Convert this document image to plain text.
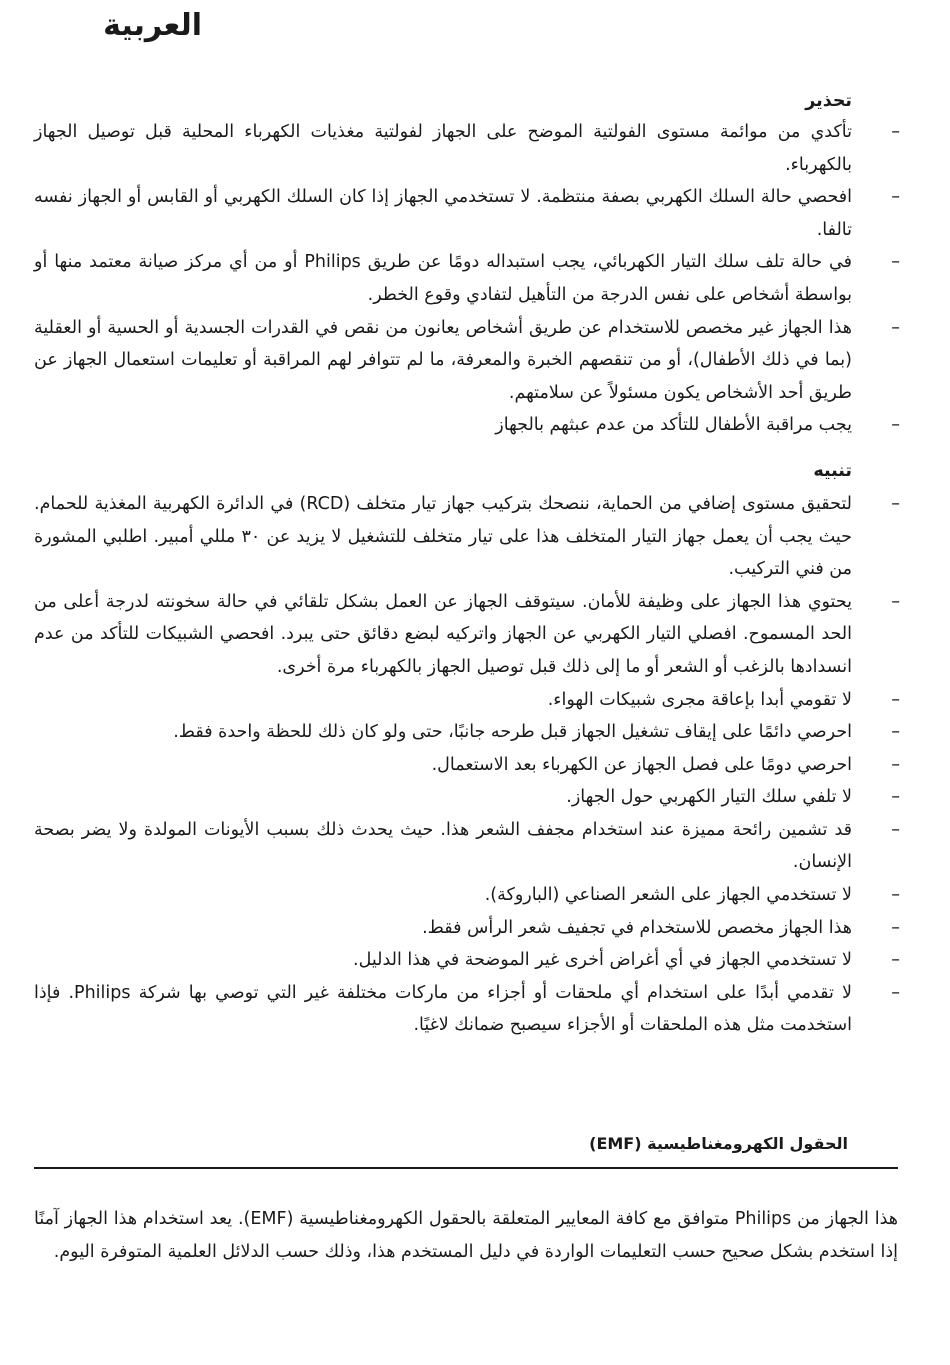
العربية
تحذير
–
تأكدي من موائمة مستوى الفولتية الموضح على الجهاز لفولتية مغذيات الكهرباء المحلية قبل توصيل الجهاز بالكهرباء.
–
افحصي حالة السلك الكهربي بصفة منتظمة. لا تستخدمي الجهاز إذا كان السلك الكهربي أو القابس أو الجهاز نفسه تالفا.
–
في حالة تلف سلك التيار الكهربائي، يجب استبداله دومًا عن طريق Philips أو من أي مركز صيانة معتمد منها أو بواسطة أشخاص على نفس الدرجة من التأهيل لتفادي وقوع الخطر.
–
هذا الجهاز غير مخصص للاستخدام عن طريق أشخاص يعانون من نقص في القدرات الجسدية أو الحسية أو العقلية (بما في ذلك الأطفال)، أو من تنقصهم الخبرة والمعرفة، ما لم تتوافر لهم المراقبة أو تعليمات استعمال الجهاز عن طريق أحد الأشخاص يكون مسئولاً عن سلامتهم.
–
يجب مراقبة الأطفال للتأكد من عدم عبثهم بالجهاز
تنبيه
–
لتحقيق مستوى إضافي من الحماية، ننصحك بتركيب جهاز تيار متخلف (RCD) في الدائرة الكهربية المغذية للحمام. حيث يجب أن يعمل جهاز التيار المتخلف هذا على تيار متخلف للتشغيل لا يزيد عن ٣٠ مللي أمبير. اطلبي المشورة من فني التركيب.
–
يحتوي هذا الجهاز على وظيفة للأمان. سيتوقف الجهاز عن العمل بشكل تلقائي في حالة سخونته لدرجة أعلى من الحد المسموح. افصلي التيار الكهربي عن الجهاز واتركيه لبضع دقائق حتى يبرد. افحصي الشبيكات للتأكد من عدم انسدادها بالزغب أو الشعر أو ما إلى ذلك قبل توصيل الجهاز بالكهرباء مرة أخرى.
–
لا تقومي أبدا بإعاقة مجرى شبيكات الهواء.
–
احرصي دائمًا على إيقاف تشغيل الجهاز قبل طرحه جانبًا، حتى ولو كان ذلك للحظة واحدة فقط.
–
احرصي دومًا على فصل الجهاز عن الكهرباء بعد الاستعمال.
–
لا تلفي سلك التيار الكهربي حول الجهاز.
–
قد تشمين رائحة مميزة عند استخدام مجفف الشعر هذا. حيث يحدث ذلك بسبب الأيونات المولدة ولا يضر بصحة الإنسان.
–
لا تستخدمي الجهاز على الشعر الصناعي (الباروكة).
–
هذا الجهاز مخصص للاستخدام في تجفيف شعر الرأس فقط.
–
لا تستخدمي الجهاز في أي أغراض أخرى غير الموضحة في هذا الدليل.
–
لا تقدمي أبدًا على استخدام أي ملحقات أو أجزاء من ماركات مختلفة غير التي توصي بها شركة Philips. فإذا استخدمت مثل هذه الملحقات أو الأجزاء سيصبح ضمانك لاغيًا.
الحقول الكهرومغناطيسية (EMF)

هذا الجهاز من Philips متوافق مع كافة المعايير المتعلقة بالحقول الكهرومغناطيسية (EMF). يعد استخدام هذا الجهاز آمنًا إذا استخدم بشكل صحيح حسب التعليمات الواردة في دليل المستخدم هذا، وذلك حسب الدلائل العلمية المتوفرة اليوم.
